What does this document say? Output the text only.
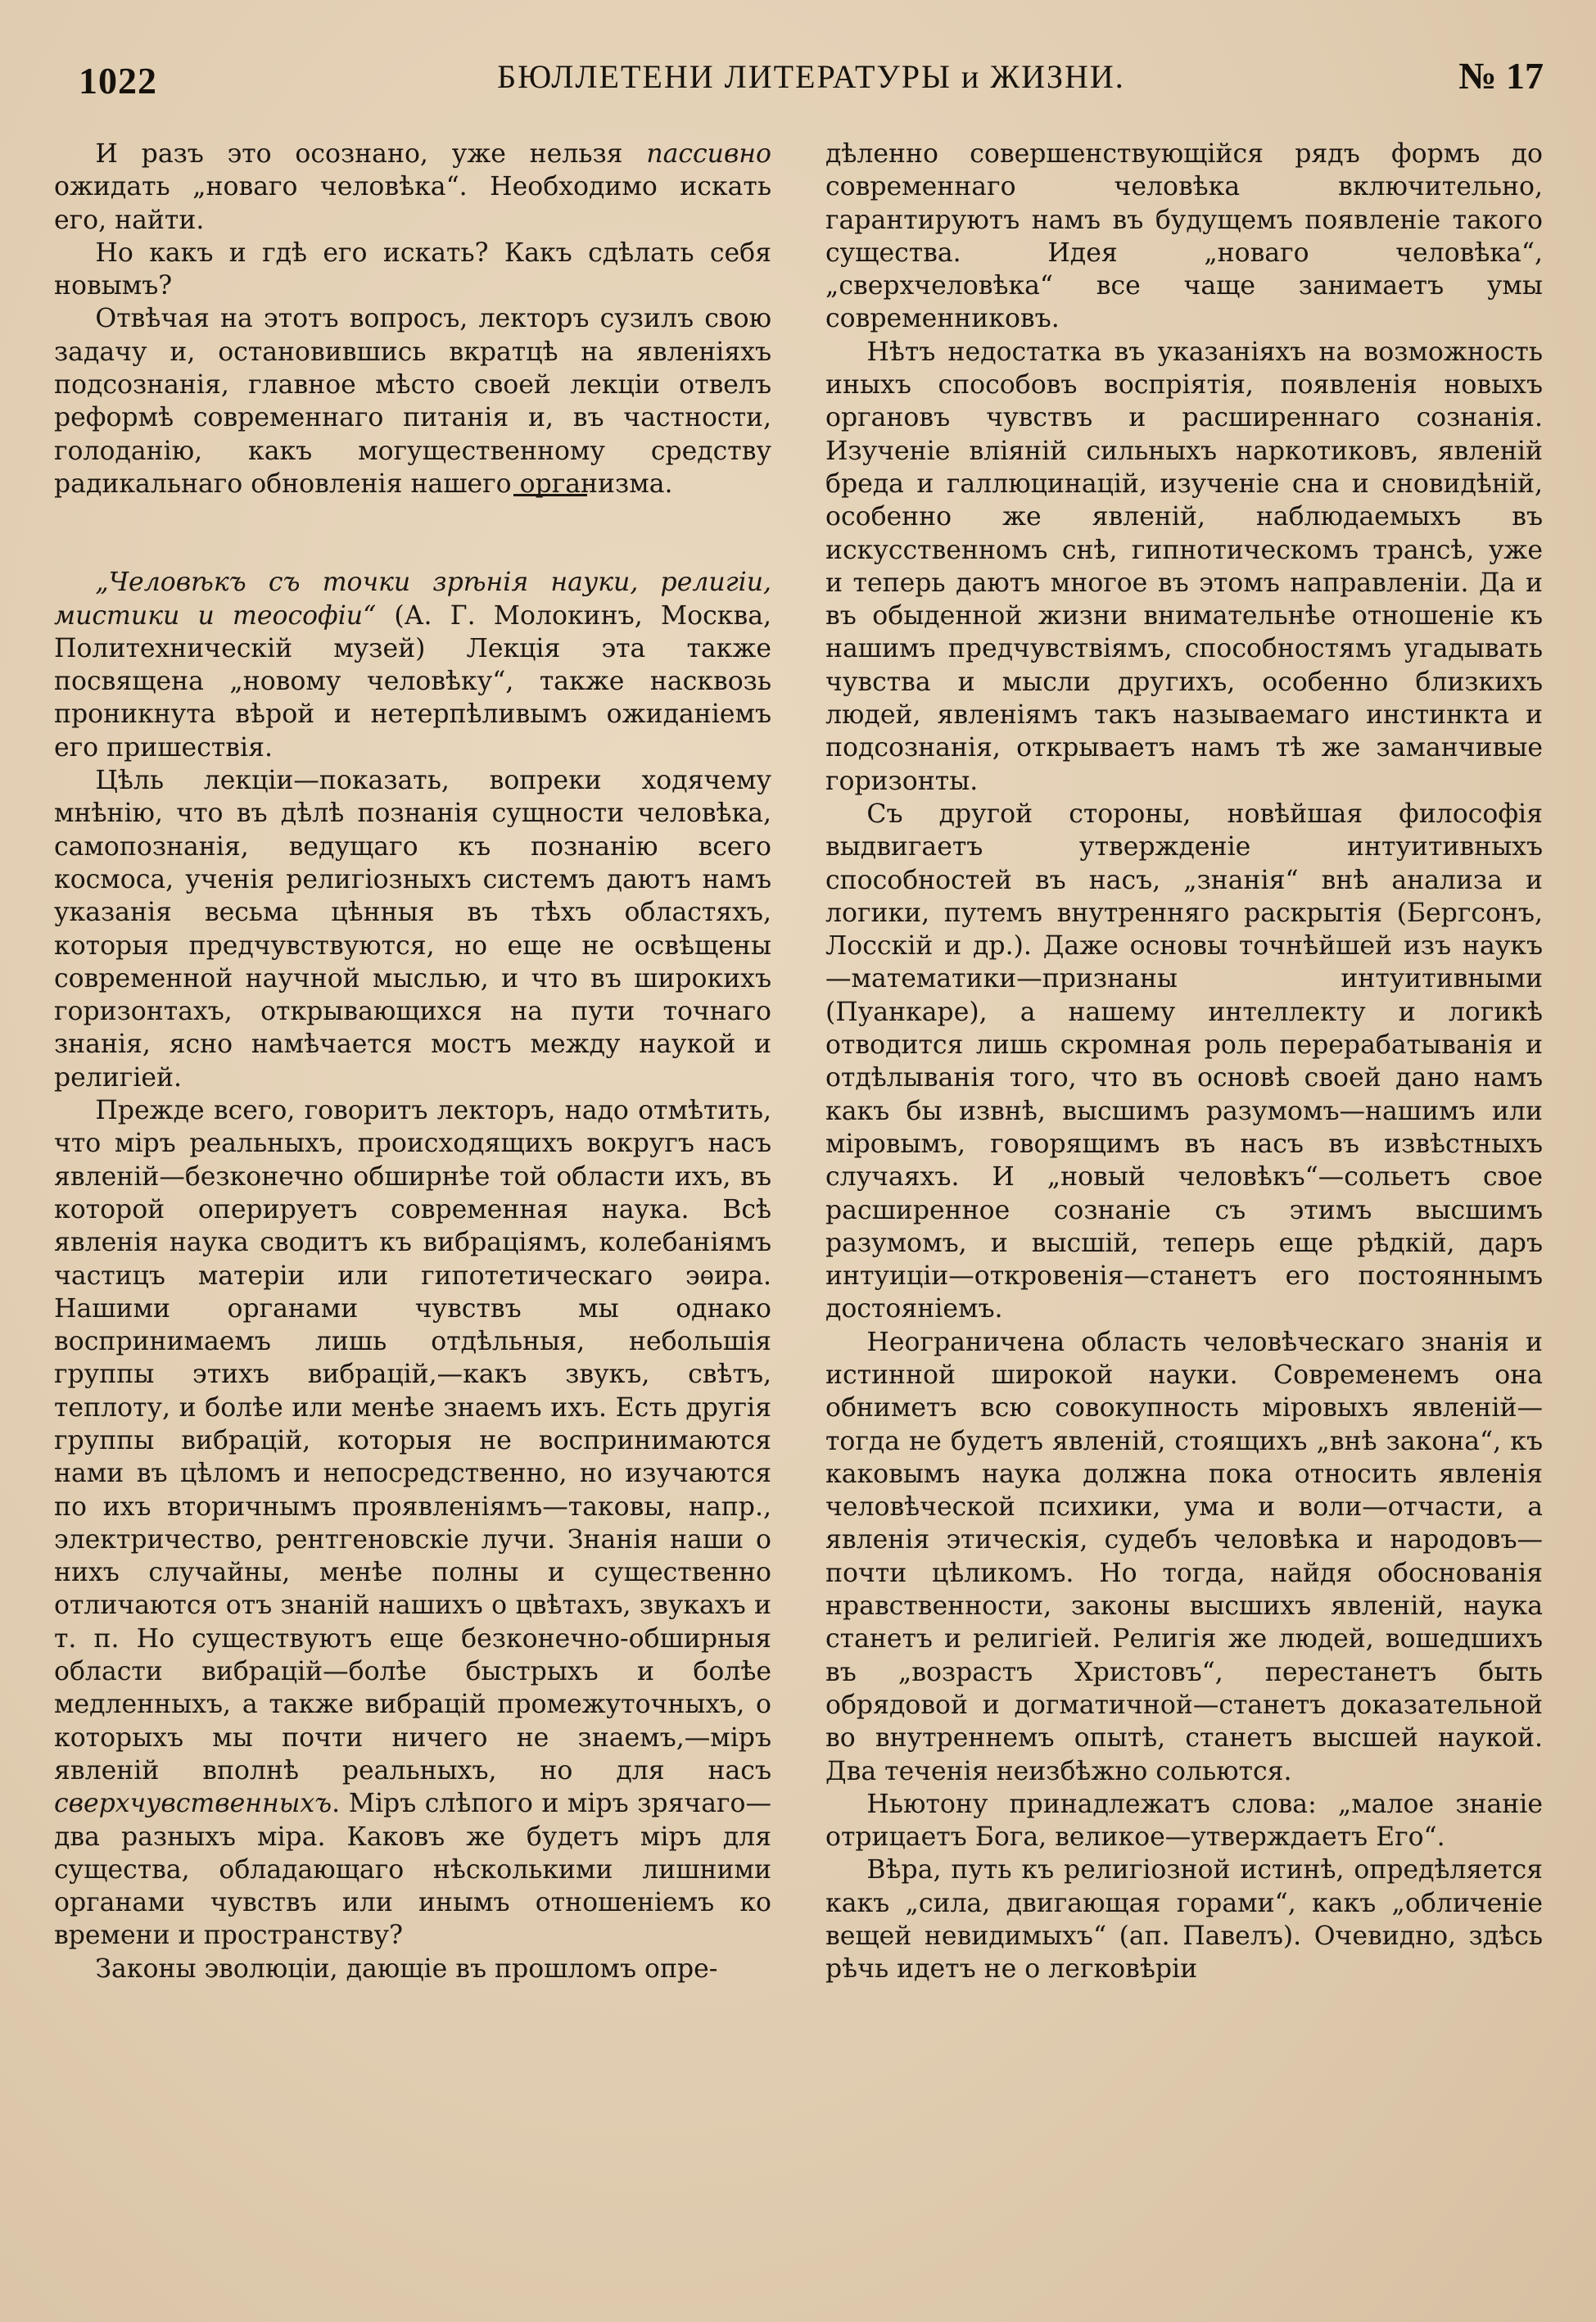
1022	БЮЛЛЕТЕНИ ЛИТЕРАТУРЫ и ЖИЗНИ.	№ 17

И разъ это осознано, уже нельзя пассивно ожидать „новаго человѣка“. Необходимо искать его, найти.

Но какъ и гдѣ его искать? Какъ сдѣлать себя новымъ?

Отвѣчая на этотъ вопросъ, лекторъ сузилъ свою задачу и, остановившись вкратцѣ на явленіяхъ подсознанія, главное мѣсто своей лекціи отвелъ реформѣ современнаго питанія и, въ частности, голоданію, какъ могущественному средству радикальнаго обновленія нашего организма.

„Человѣкъ съ точки зрѣнія науки, религіи, мистики и теософіи“ (А. Г. Молокинъ, Москва, Политехническій музей) Лекція эта также посвящена „новому человѣку“, также насквозь проникнута вѣрой и нетерпѣливымъ ожиданіемъ его пришествія.

Цѣль лекціи—показать, вопреки ходячему мнѣнію, что въ дѣлѣ познанія сущности человѣка, самопознанія, ведущаго къ познанію всего космоса, ученія религіозныхъ системъ даютъ намъ указанія весьма цѣнныя въ тѣхъ областяхъ, которыя предчувствуются, но еще не освѣщены современной научной мыслью, и что въ широкихъ горизонтахъ, открывающихся на пути точнаго знанія, ясно намѣчается мостъ между наукой и религіей.

Прежде всего, говоритъ лекторъ, надо отмѣтить, что міръ реальныхъ, происходящихъ вокругъ насъ явленій—безконечно обширнѣе той области ихъ, въ которой оперируетъ современная наука. Всѣ явленія наука сводитъ къ вибраціямъ, колебаніямъ частицъ матеріи или гипотетическаго эѳира. Нашими органами чувствъ мы однако воспринимаемъ лишь отдѣльныя, небольшія группы этихъ вибрацій,—какъ звукъ, свѣтъ, теплоту, и болѣе или менѣе знаемъ ихъ. Есть другія группы вибрацій, которыя не воспринимаются нами въ цѣломъ и непосредственно, но изучаются по ихъ вторичнымъ проявленіямъ—таковы, напр., электричество, рентгеновскіе лучи. Знанія наши о нихъ случайны, менѣе полны и существенно отличаются отъ знаній нашихъ о цвѣтахъ, звукахъ и т. п. Но существуютъ еще безконечно-обширныя области вибрацій—болѣе быстрыхъ и болѣе медленныхъ, а также вибрацій промежуточныхъ, о которыхъ мы почти ничего не знаемъ,—міръ явленій вполнѣ реальныхъ, но для насъ сверхчувственныхъ. Міръ слѣпого и міръ зрячаго—два разныхъ міра. Каковъ же будетъ міръ для существа, обладающаго нѣсколькими лишними органами чувствъ или инымъ отношеніемъ ко времени и пространству?

Законы эволюціи, дающіе въ прошломъ опре-

дѣленно совершенствующійся рядъ формъ до современнаго человѣка включительно, гарантируютъ намъ въ будущемъ появленіе такого существа. Идея „новаго человѣка“, „сверхчеловѣка“ все чаще занимаетъ умы современниковъ.

Нѣтъ недостатка въ указаніяхъ на возможность иныхъ способовъ воспріятія, появленія новыхъ органовъ чувствъ и расширеннаго сознанія. Изученіе вліяній сильныхъ наркотиковъ, явленій бреда и галлюцинацій, изученіе сна и сновидѣній, особенно же явленій, наблюдаемыхъ въ искусственномъ снѣ, гипнотическомъ трансѣ, уже и теперь даютъ многое въ этомъ направленіи. Да и въ обыденной жизни внимательнѣе отношеніе къ нашимъ предчувствіямъ, способностямъ угадывать чувства и мысли другихъ, особенно близкихъ людей, явленіямъ такъ называемаго инстинкта и подсознанія, открываетъ намъ тѣ же заманчивые горизонты.

Съ другой стороны, новѣйшая философія выдвигаетъ утвержденіе интуитивныхъ способностей въ насъ, „знанія“ внѣ анализа и логики, путемъ внутренняго раскрытія (Бергсонъ, Лосскій и др.). Даже основы точнѣйшей изъ наукъ—математики—признаны интуитивными (Пуанкаре), а нашему интеллекту и логикѣ отводится лишь скромная роль перерабатыванія и отдѣлыванія того, что въ основѣ своей дано намъ какъ бы извнѣ, высшимъ разумомъ—нашимъ или міровымъ, говорящимъ въ насъ въ извѣстныхъ случаяхъ. И „новый человѣкъ“—сольетъ свое расширенное сознаніе съ этимъ высшимъ разумомъ, и высшій, теперь еще рѣдкій, даръ интуиціи—откровенія—станетъ его постояннымъ достояніемъ.

Неограничена область человѣческаго знанія и истинной широкой науки. Современемъ она обниметъ всю совокупность міровыхъ явленій—тогда не будетъ явленій, стоящихъ „внѣ закона“, къ каковымъ наука должна пока относить явленія человѣческой психики, ума и воли—отчасти, а явленія этическія, судебъ человѣка и народовъ—почти цѣликомъ. Но тогда, найдя обоснованія нравственности, законы высшихъ явленій, наука станетъ и религіей. Религія же людей, вошедшихъ въ „возрастъ Христовъ“, перестанетъ быть обрядовой и догматичной—станетъ доказательной во внутреннемъ опытѣ, станетъ высшей наукой. Два теченія неизбѣжно сольются.

Ньютону принадлежатъ слова: „малое знаніе отрицаетъ Бога, великое—утверждаетъ Его“.

Вѣра, путь къ религіозной истинѣ, опредѣляется какъ „сила, двигающая горами“, какъ „обличеніе вещей невидимыхъ“ (ап. Павелъ). Очевидно, здѣсь рѣчь идетъ не о легковѣріи
